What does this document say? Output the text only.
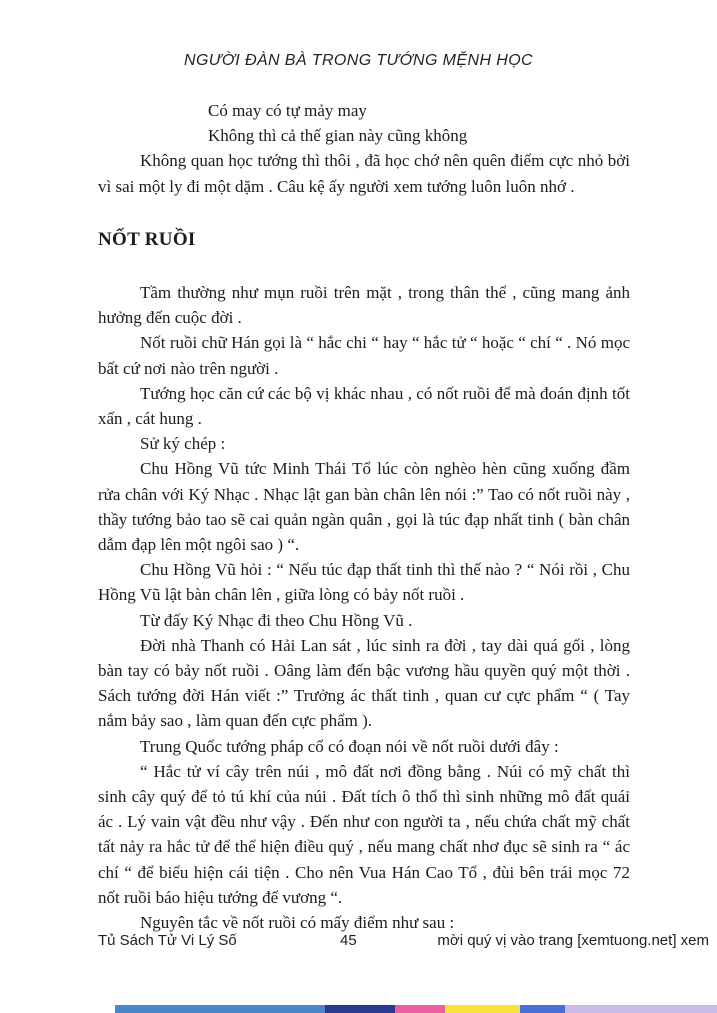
NGƯỜI ĐÀN BÀ TRONG TƯỚNG MỆNH HỌC
Có may có tự mảy may
Không thì cả thế gian này cũng không

Không quan học tướng thì thôi , đã học chớ nên quên điểm cực nhỏ bởi vì sai một ly đi một dặm . Câu kệ ấy người xem tướng luôn luôn nhớ .

NỐT RUỒI

Tầm thường như mụn ruồi trên mặt , trong thân thể , cũng mang ảnh hưởng đến cuộc đời .

Nốt ruồi chữ Hán gọi là “ hắc chi “ hay “ hắc tử “ hoặc “ chí “ . Nó mọc bất cứ nơi nào trên người .

Tướng học căn cứ các bộ vị khác nhau , có nốt ruồi để mà đoán định tốt xấn , cát hung .

Sử ký chép :

Chu Hồng Vũ tức Minh Thái Tổ lúc còn nghèo hèn cũng xuống đầm rửa chân với Ký Nhạc . Nhạc lật gan bàn chân lên nói :” Tao có nốt ruồi này , thầy tướng bảo tao sẽ cai quản ngàn quân , gọi là túc đạp nhất tinh ( bàn chân dẫm đạp lên một ngôi sao ) “.

Chu Hồng Vũ hỏi : “ Nếu túc đạp thất tinh thì thế nào ? “ Nói rồi , Chu Hồng Vũ lật bàn chân lên , giữa lòng có bảy nốt ruồi .

Từ đấy Ký Nhạc đi theo Chu Hồng Vũ .

Đời nhà Thanh có Hải Lan sát , lúc sinh ra đời , tay dài quá gối , lòng bàn tay có bảy nốt ruồi . Oâng làm đến bậc vương hầu quyền quý một thời . Sách tướng đời Hán viết :” Trưởng ác thất tinh , quan cư cực phẩm “ ( Tay nắm bảy sao , làm quan đến cực phẩm ).

Trung Quốc tướng pháp cổ có đoạn nói về nốt ruồi dưới đây :

“ Hắc tử ví cây trên núi , mô đất nơi đồng bằng . Núi có mỹ chất thì sinh cây quý để tỏ tú khí của núi . Đất tích ô thổ thì sinh những mô đất quái ác . Lý vain vật đều như vậy . Đến như con người ta , nếu chứa chất mỹ chất tất nảy ra hắc tử để thể hiện điều quý , nếu mang chất nhơ đục sẽ sinh ra “ ác chí “ để biểu hiện cái tiện . Cho nên Vua Hán Cao Tổ , đùi bên trái mọc 72 nốt ruồi báo hiệu tướng đế vương “.

Nguyên tắc về nốt ruồi có mấy điểm như sau :

Tủ Sách Tử Vi Lý Số	45	mời quý vị vào trang [xemtuong.net] xem
